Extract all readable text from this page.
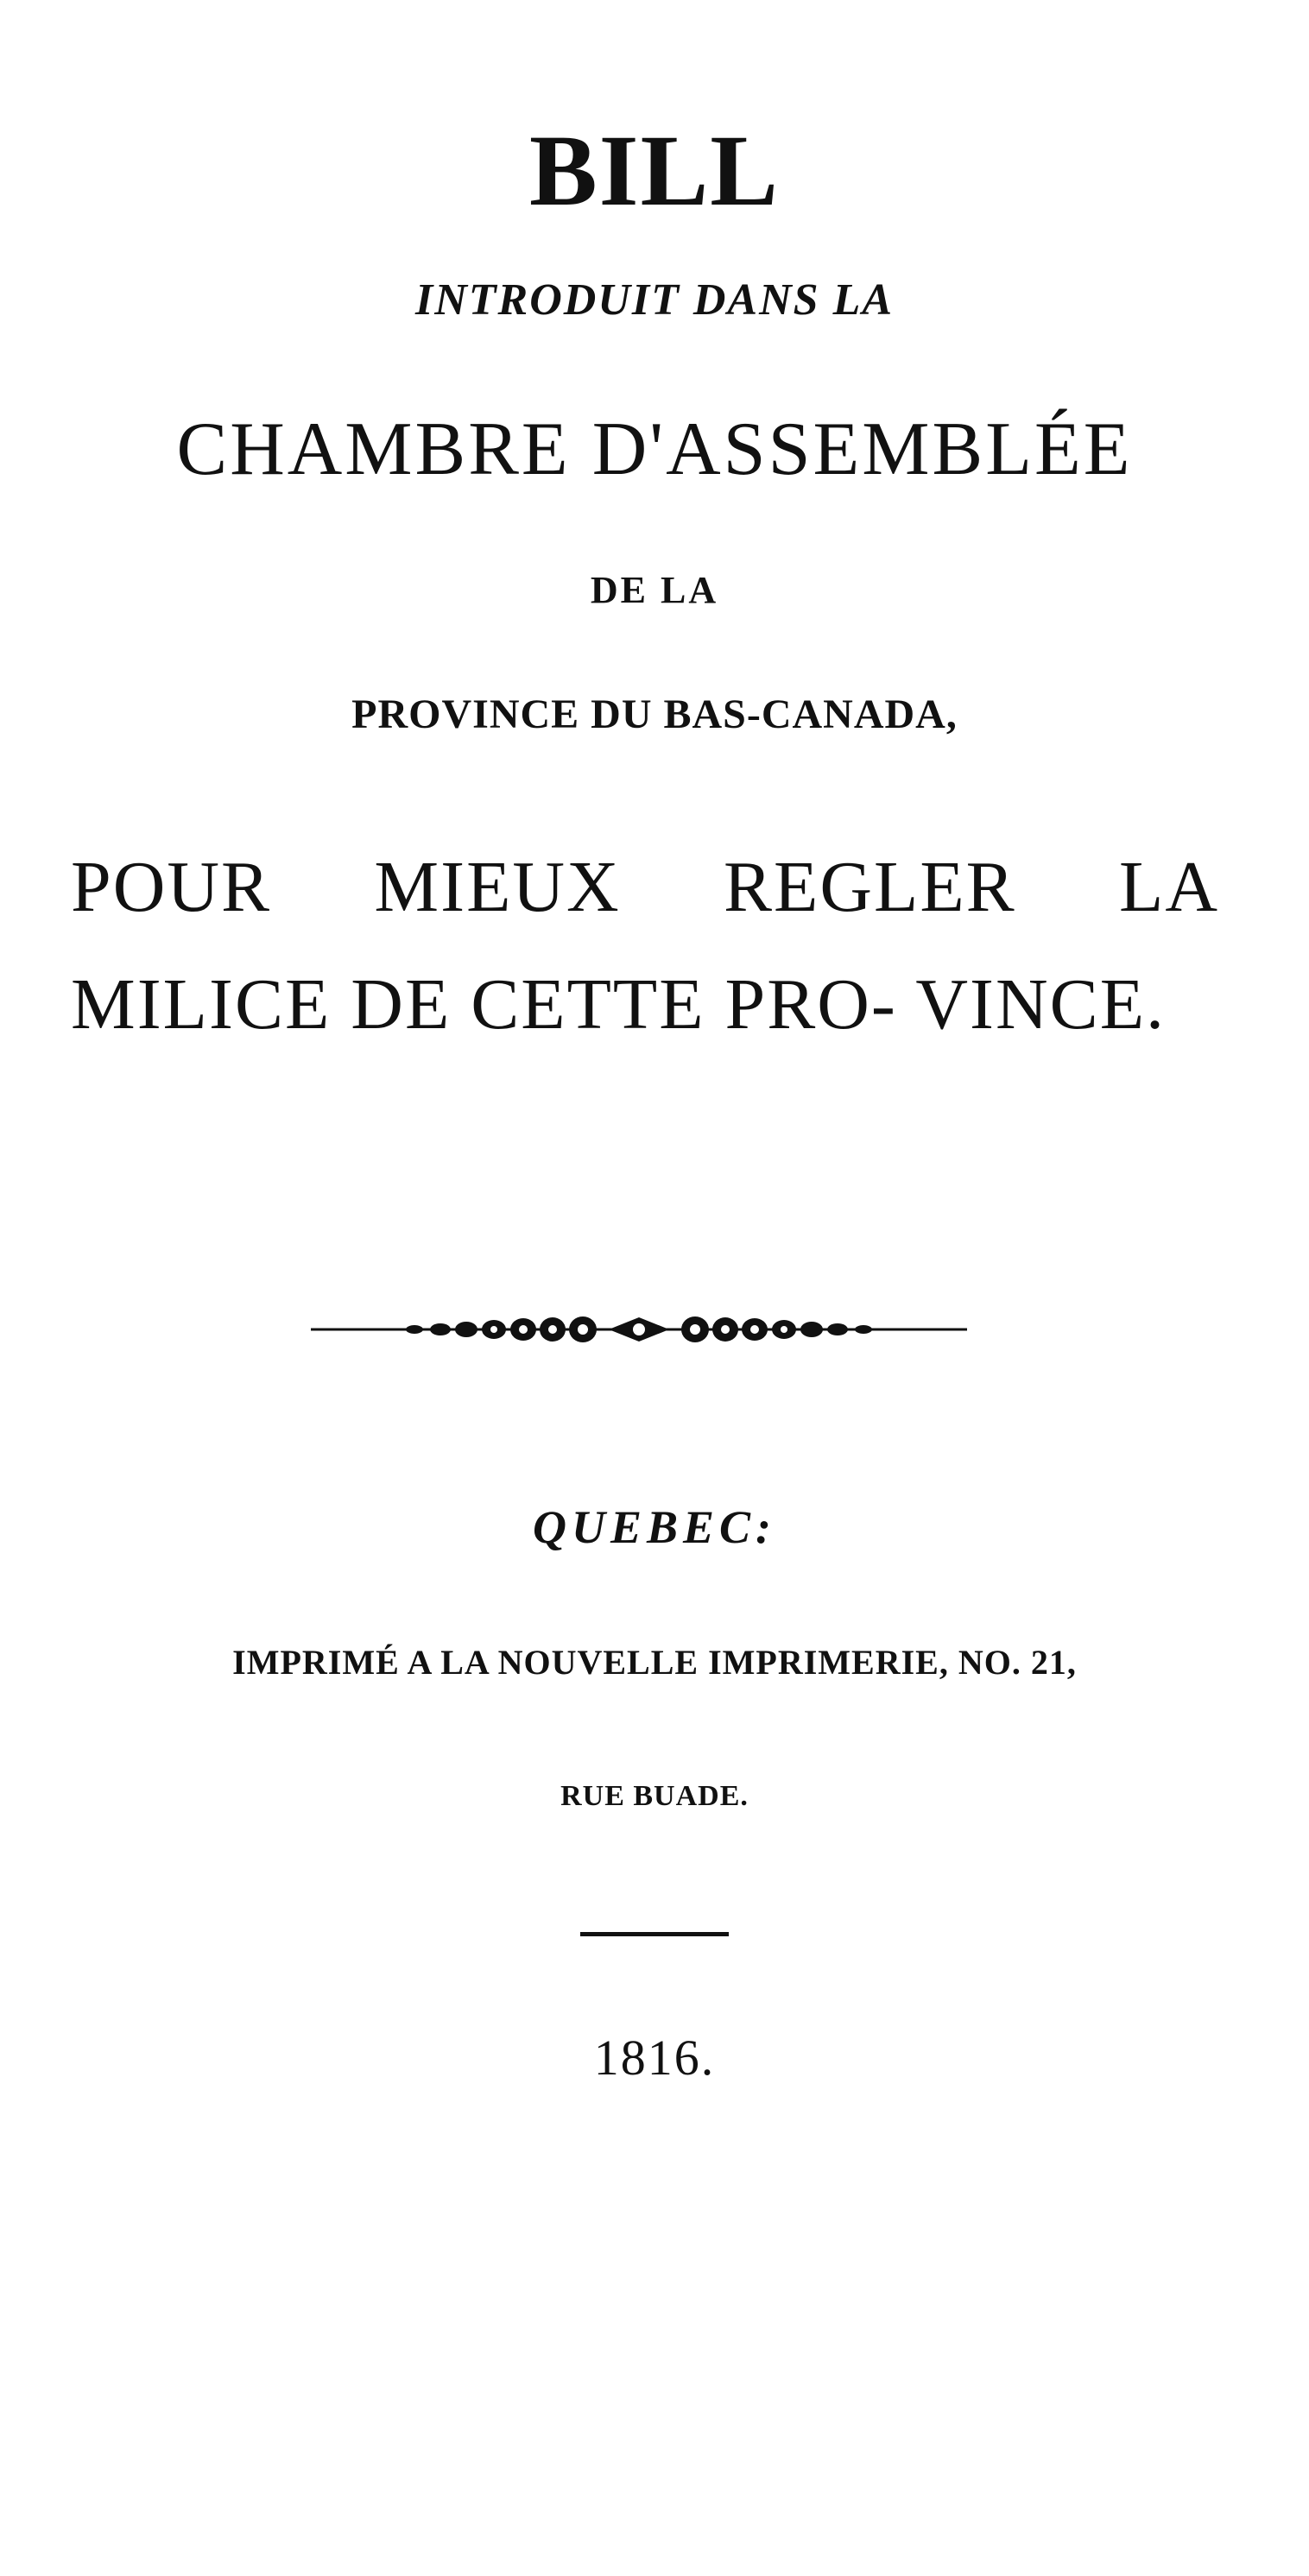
BILL
INTRODUIT DANS LA
CHAMBRE D'ASSEMBLÉE
DE LA
PROVINCE DU BAS-CANADA,
POUR MIEUX REGLER LA MILICE DE CETTE PRO- VINCE.
QUEBEC:
IMPRIMÉ A LA NOUVELLE IMPRIMERIE, NO. 21,
RUE BUADE.
1816.
